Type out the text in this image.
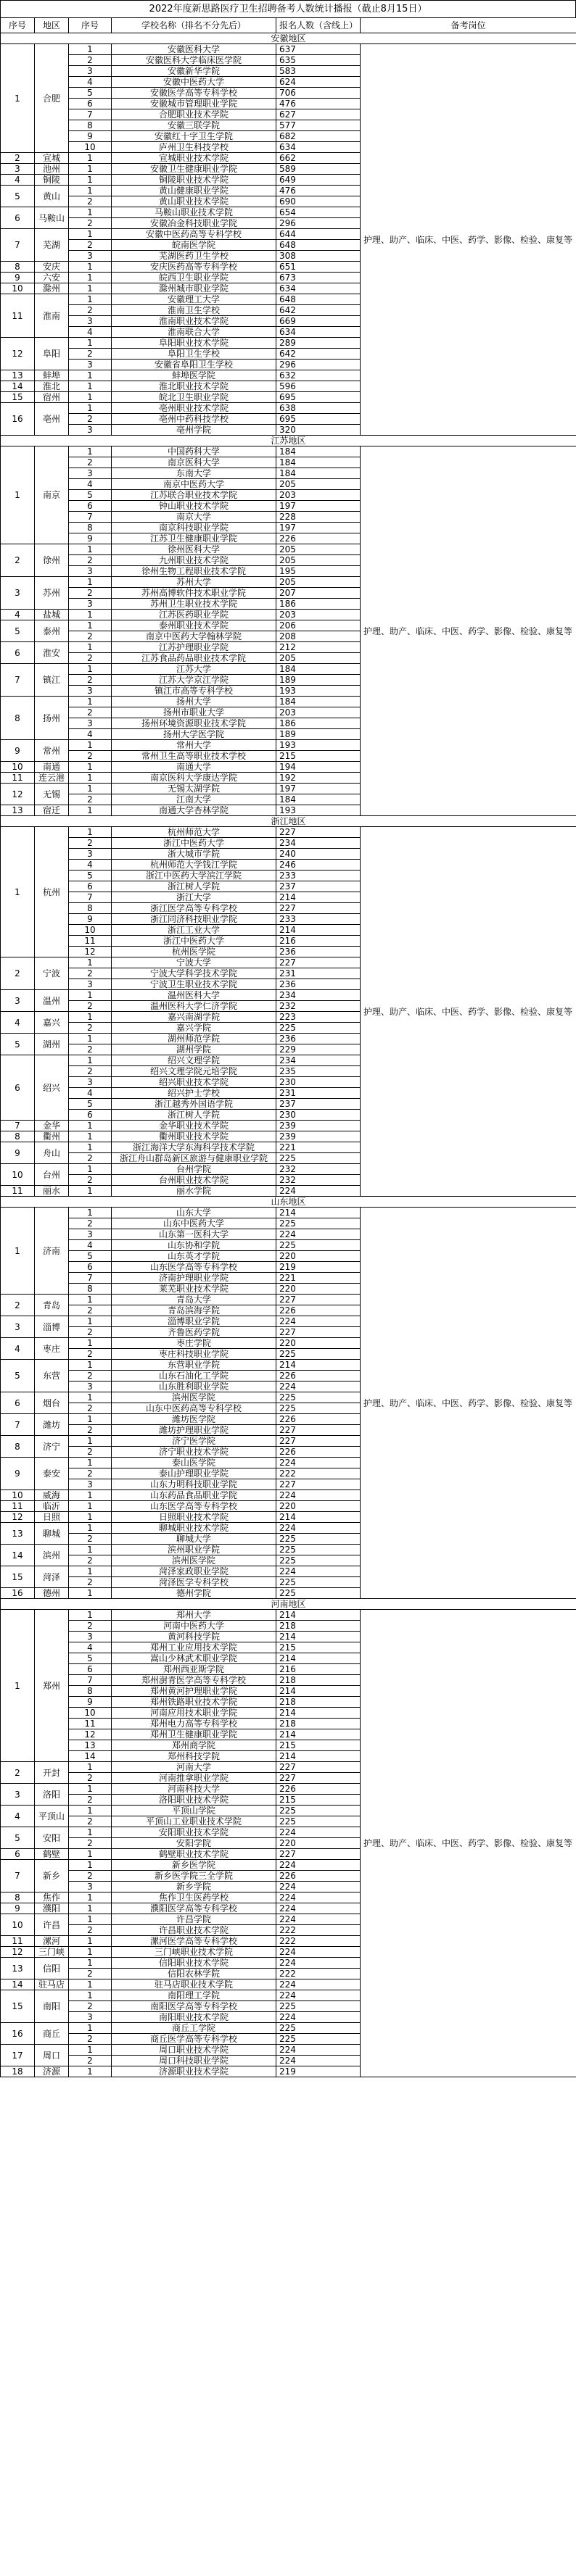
2022年度新思路医疗卫生招聘备考人数统计播报（截止8月15日）
序号	地区	序号	学校名称（排名不分先后）	报名人数（含线上）	备考岗位
安徽地区					
1	合肥	1	安徽医科大学	637	护理、助产、临床、中医、药学、影像、检验、康复等
		2	安徽医科大学临床医学院	635	
		3	安徽新华学院	583	
		4	安徽中医药大学	624	
		5	安徽医学高等专科学校	706	
		6	安徽城市管理职业学院	476	
		7	合肥职业技术学院	627	
		8	安徽三联学院	577	
		9	安徽红十字卫生学院	682	
		10	庐州卫生科技学校	634	
2	宣城	1	宣城职业技术学院	662	
3	池州	1	安徽卫生健康职业学院	589	
4	铜陵	1	铜陵职业技术学院	649	
5	黄山	1	黄山健康职业学院	476	
		2	黄山职业技术学院	690	
6	马鞍山	1	马鞍山职业技术学院	654	
		2	安徽冶金科技职业学院	296	
7	芜湖	1	安徽中医药高等专科学校	644	
		2	皖南医学院	648	
		3	芜湖医药卫生学校	308	
8	安庆	1	安庆医药高等专科学校	651	
9	六安	1	皖西卫生职业学院	673	
10	滁州	1	滁州城市职业学院	634	
11	淮南	1	安徽理工大学	648	
		2	淮南卫生学校	642	
		3	淮南职业技术学院	669	
		4	淮南联合大学	634	
12	阜阳	1	阜阳职业技术学院	289	
		2	阜阳卫生学校	642	
		3	安徽省阜阳卫生学校	296	
13	蚌埠	1	蚌埠医学院	632	
14	淮北	1	淮北职业技术学院	596	
15	宿州	1	皖北卫生职业学院	695	
16	亳州	1	亳州职业技术学院	638	
		2	亳州中药科技学校	695	
		3	亳州学院	320	
江苏地区					
1	南京	1	中国药科大学	184	护理、助产、临床、中医、药学、影像、检验、康复等
		2	南京医科大学	184	
		3	东南大学	184	
		4	南京中医药大学	205	
		5	江苏联合职业技术学院	203	
		6	钟山职业技术学院	197	
		7	南京大学	228	
		8	南京科技职业学院	197	
		9	江苏卫生健康职业学院	226	
2	徐州	1	徐州医科大学	205	
		2	九州职业技术学院	205	
		3	徐州生物工程职业技术学院	195	
3	苏州	1	苏州大学	205	
		2	苏州高博软件技术职业学院	207	
		3	苏州卫生职业技术学院	186	
4	盐城	1	江苏医药职业学院	203	
5	泰州	1	泰州职业技术学院	206	
		2	南京中医药大学翰林学院	208	
6	淮安	1	江苏护理职业学院	212	
		2	江苏食品药品职业技术学院	205	
7	镇江	1	江苏大学	184	
		2	江苏大学京江学院	189	
		3	镇江市高等专科学校	193	
8	扬州	1	扬州大学	184	
		2	扬州市职业大学	203	
		3	扬州环境资源职业技术学院	186	
		4	扬州大学医学院	189	
9	常州	1	常州大学	193	
		2	常州卫生高等职业技术学校	215	
10	南通	1	南通大学	194	
11	连云港	1	南京医科大学康达学院	192	
12	无锡	1	无锡太湖学院	197	
		2	江南大学	184	
13	宿迁	1	南通大学杏林学院	193	
浙江地区					
1	杭州	1	杭州师范大学	227	护理、助产、临床、中医、药学、影像、检验、康复等
		2	浙江中医药大学	234	
		3	浙大城市学院	240	
		4	杭州师范大学钱江学院	246	
		5	浙江中医药大学滨江学院	233	
		6	浙江树人学院	237	
		7	浙江大学	214	
		8	浙江医学高等专科学校	227	
		9	浙江同济科技职业学院	233	
		10	浙江工业大学	214	
		11	浙江中医药大学	216	
		12	杭州医学院	236	
2	宁波	1	宁波大学	227	
		2	宁波大学科学技术学院	231	
		3	宁波卫生职业技术学院	236	
3	温州	1	温州医科大学	234	
		2	温州医科大学仁济学院	232	
4	嘉兴	1	嘉兴南湖学院	223	
		2	嘉兴学院	225	
5	湖州	1	湖州师范学院	236	
		2	湖州学院	229	
6	绍兴	1	绍兴文理学院	234	
		2	绍兴文理学院元培学院	235	
		3	绍兴职业技术学院	230	
		4	绍兴护士学校	231	
		5	浙江越秀外国语学院	237	
		6	浙江树人学院	230	
7	金华	1	金华职业技术学院	239	
8	衢州	1	衢州职业技术学院	239	
9	舟山	1	浙江海洋大学东海科学技术学院	221	
		2	浙江舟山群岛新区旅游与健康职业学院	225	
10	台州	1	台州学院	232	
		2	台州职业技术学院	232	
11	丽水	1	丽水学院	224	
山东地区					
1	济南	1	山东大学	214	护理、助产、临床、中医、药学、影像、检验、康复等
		2	山东中医药大学	225	
		3	山东第一医科大学	224	
		4	山东协和学院	225	
		5	山东英才学院	220	
		6	山东医学高等专科学校	219	
		7	济南护理职业学院	221	
		8	莱芜职业技术学院	220	
2	青岛	1	青岛大学	227	
		2	青岛滨海学院	226	
3	淄博	1	淄博职业学院	224	
		2	齐鲁医药学院	227	
4	枣庄	1	枣庄学院	220	
		2	枣庄科技职业学院	225	
5	东营	1	东营职业学院	214	
		2	山东石油化工学院	226	
		3	山东胜利职业学院	224	
6	烟台	1	滨州医学院	225	
		2	山东中医药高等专科学校	225	
7	潍坊	1	潍坊医学院	226	
		2	潍坊护理职业学院	227	
8	济宁	1	济宁医学院	227	
		2	济宁职业技术学院	226	
9	泰安	1	泰山医学院	224	
		2	泰山护理职业学院	222	
		3	山东力明科技职业学院	227	
10	威海	1	山东药品食品职业学院	224	
11	临沂	1	山东医学高等专科学校	220	
12	日照	1	日照职业技术学院	214	
13	聊城	1	聊城职业技术学院	224	
		2	聊城大学	225	
14	滨州	1	滨州职业学院	225	
		2	滨州医学院	225	
15	菏泽	1	菏泽家政职业学院	224	
		2	菏泽医学专科学校	225	
16	德州	1	德州学院	225	
河南地区					
1	郑州	1	郑州大学	214	护理、助产、临床、中医、药学、影像、检验、康复等
		2	河南中医药大学	218	
		3	黄河科技学院	214	
		4	郑州工业应用技术学院	215	
		5	嵩山少林武术职业学院	214	
		6	郑州西亚斯学院	216	
		7	郑州澍青医学高等专科学校	218	
		8	郑州黄河护理职业学院	214	
		9	郑州铁路职业技术学院	218	
		10	河南应用技术职业学院	214	
		11	郑州电力高等专科学校	218	
		12	郑州卫生健康职业学院	214	
		13	郑州商学院	215	
		14	郑州科技学院	214	
2	开封	1	河南大学	227	
		2	河南推拿职业学院	227	
3	洛阳	1	河南科技大学	226	
		2	洛阳职业技术学院	215	
4	平顶山	1	平顶山学院	225	
		2	平顶山工业职业技术学院	225	
5	安阳	1	安阳职业技术学院	224	
		2	安阳学院	220	
6	鹤壁	1	鹤壁职业技术学院	227	
7	新乡	1	新乡医学院	224	
		2	新乡医学院三全学院	226	
		3	新乡学院	224	
8	焦作	1	焦作卫生医药学校	224	
9	濮阳	1	濮阳医学高等专科学校	224	
10	许昌	1	许昌学院	224	
		2	许昌职业技术学院	222	
11	漯河	1	漯河医学高等专科学校	222	
12	三门峡	1	三门峡职业技术学院	224	
13	信阳	1	信阳职业技术学院	224	
		2	信阳农林学院	222	
14	驻马店	1	驻马店职业技术学院	224	
15	南阳	1	南阳理工学院	224	
		2	南阳医学高等专科学校	225	
		3	南阳职业技术学院	224	
16	商丘	1	商丘工学院	225	
		2	商丘医学高等专科学校	225	
17	周口	1	周口职业技术学院	224	
		2	周口科技职业学院	224	
18	济源	1	济源职业技术学院	219	
